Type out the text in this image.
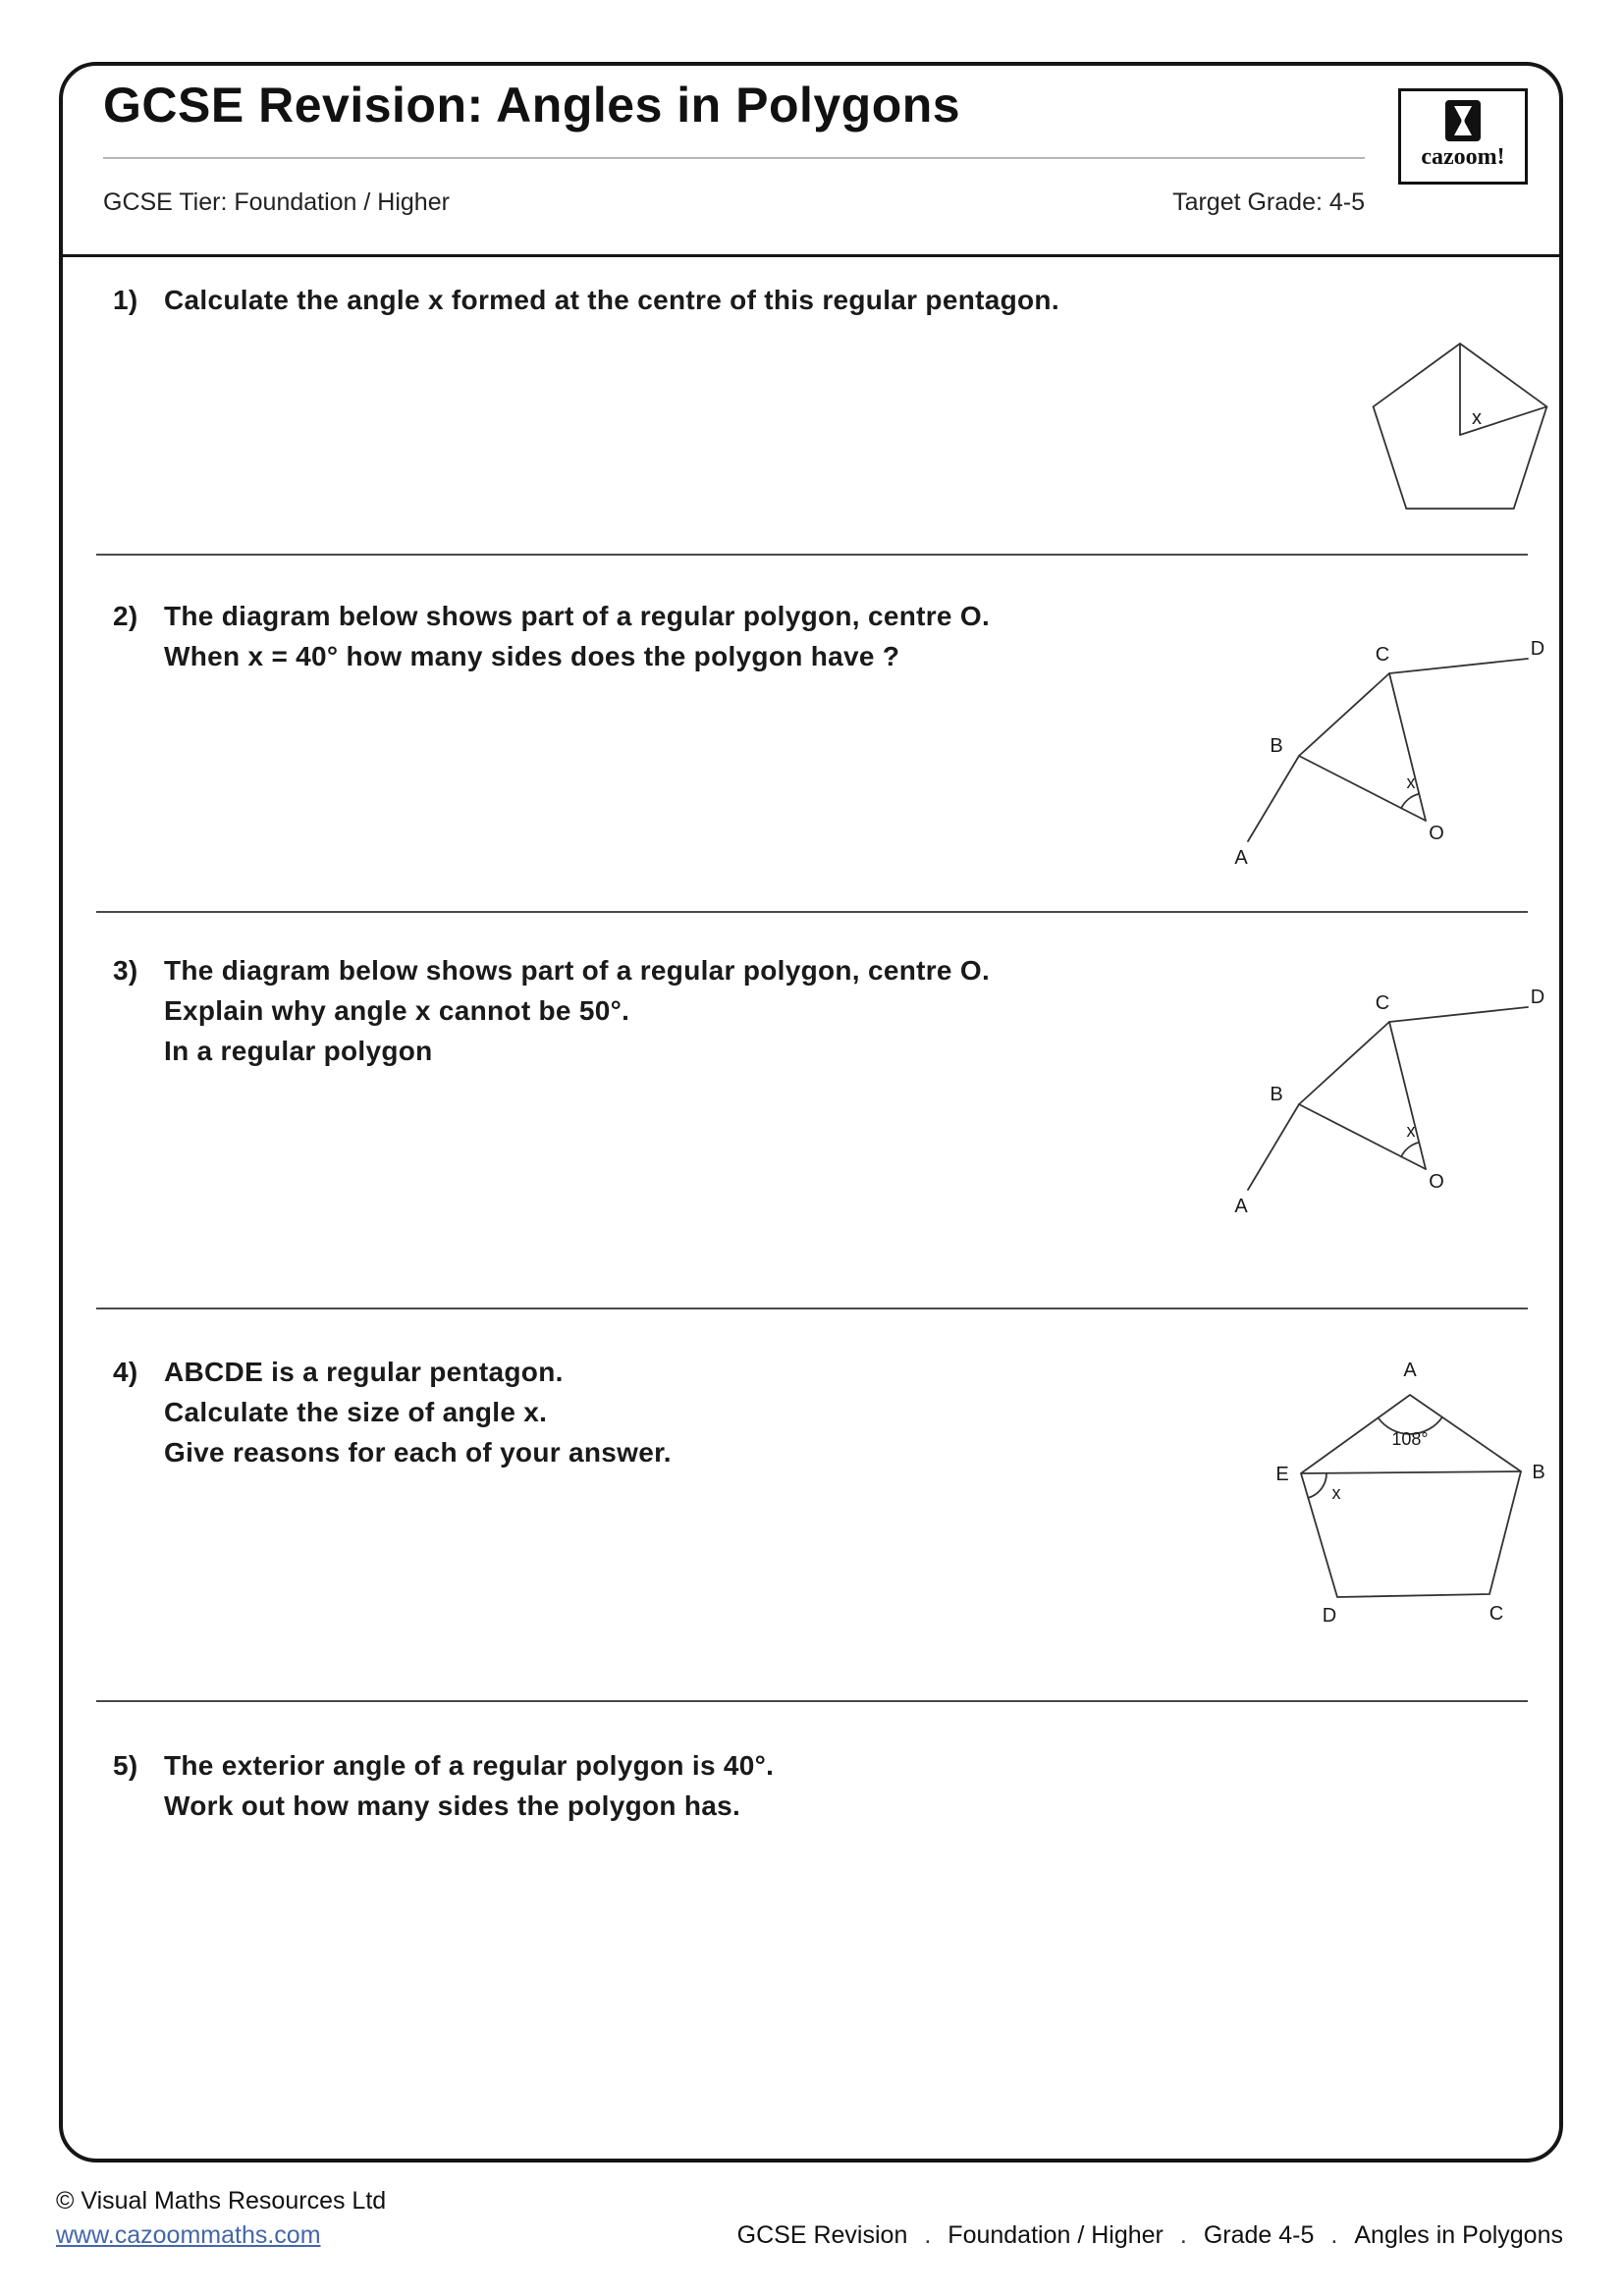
GCSE Revision: Angles in Polygons
GCSE Tier: Foundation / Higher	Target Grade: 4-5
cazoom!
1) Calculate the angle x formed at the centre of this regular pentagon.
x
2) The diagram below shows part of a regular polygon, centre O.
When x = 40° how many sides does the polygon have ?
A
B
C	D
O
x
3) The diagram below shows part of a regular polygon, centre O.
Explain why angle x cannot be 50°.
In a regular polygon
A
B
C	D
O
x
4) ABCDE is a regular pentagon.
Calculate the size of angle x.
Give reasons for each of your answer.
A
B
C
D
E
108°
x
5) The exterior angle of a regular polygon is 40°.
Work out how many sides the polygon has.
© Visual Maths Resources Ltd
www.cazoommaths.com	GCSE Revision . Foundation / Higher . Grade 4-5 . Angles in Polygons
